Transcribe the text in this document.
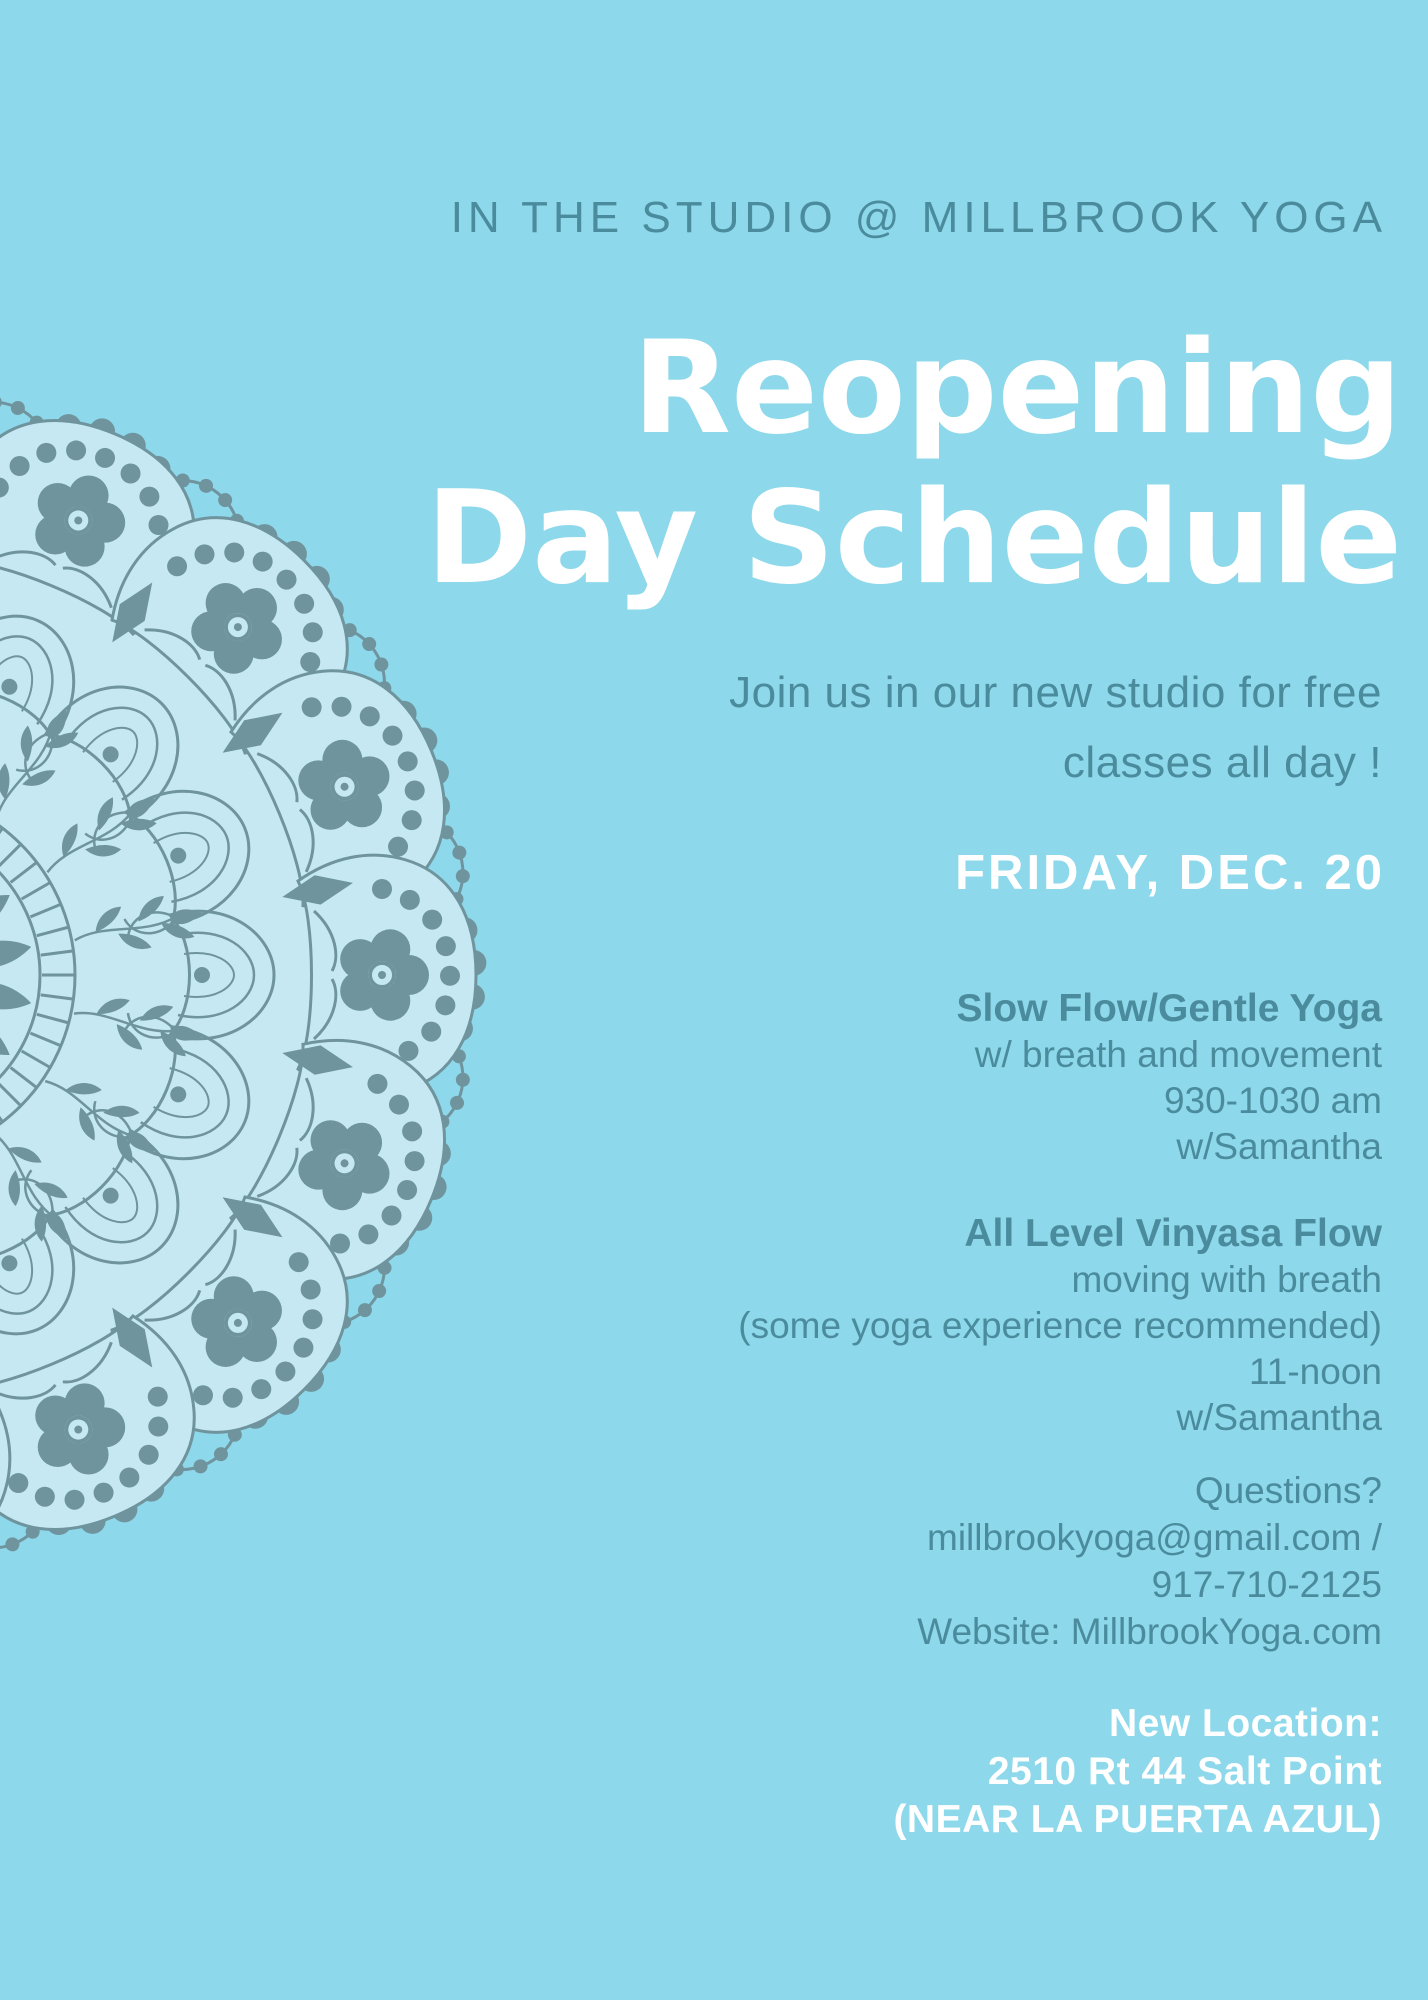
IN THE STUDIO @ MILLBROOK YOGA
Reopening
Day Schedule
Join us in our new studio for free
classes all day !
FRIDAY, DEC. 20
Slow Flow/Gentle Yoga
w/ breath and movement
930-1030 am
w/Samantha
All Level Vinyasa Flow
moving with breath
(some yoga experience recommended)
11-noon
w/Samantha
Questions?
millbrookyoga@gmail.com /
917-710-2125
Website: MillbrookYoga.com
New Location:
2510 Rt 44 Salt Point
(NEAR LA PUERTA AZUL)
